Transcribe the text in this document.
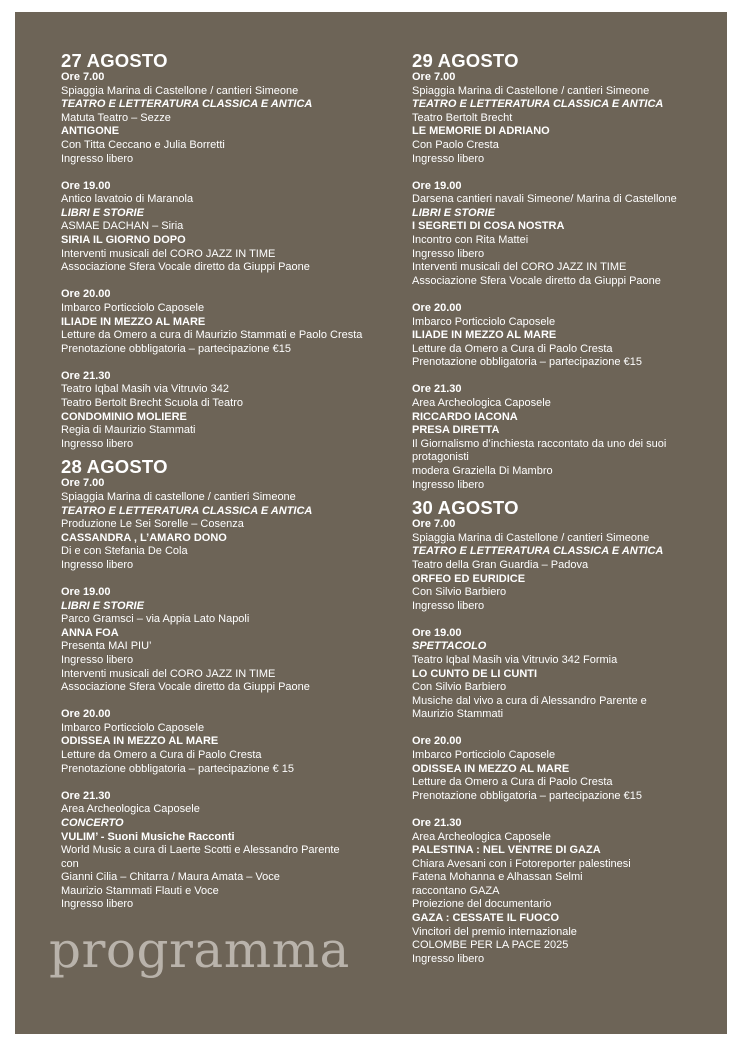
27 AGOSTO
Ore 7.00
Spiaggia Marina di Castellone / cantieri Simeone
TEATRO E LETTERATURA CLASSICA E ANTICA
Matuta Teatro – Sezze
ANTIGONE
Con Titta Ceccano e Julia Borretti
Ingresso libero
Ore 19.00
Antico lavatoio di Maranola
LIBRI E STORIE
ASMAE DACHAN – Siria
SIRIA IL GIORNO DOPO
Interventi musicali del CORO JAZZ IN TIME
Associazione Sfera Vocale diretto da Giuppi Paone
Ore 20.00
Imbarco Porticciolo Caposele
ILIADE IN MEZZO AL MARE
Letture da Omero a cura di Maurizio Stammati e Paolo Cresta
Prenotazione obbligatoria – partecipazione €15
Ore 21.30
Teatro Iqbal Masih via Vitruvio 342
Teatro Bertolt Brecht Scuola di Teatro
CONDOMINIO MOLIERE
Regia di Maurizio Stammati
Ingresso libero
28 AGOSTO
Ore 7.00
Spiaggia Marina di castellone / cantieri Simeone
TEATRO E LETTERATURA CLASSICA E ANTICA
Produzione Le Sei Sorelle – Cosenza
CASSANDRA , L’AMARO DONO
Di e con Stefania De Cola
Ingresso libero
Ore 19.00
LIBRI E STORIE
Parco Gramsci – via Appia Lato Napoli
ANNA FOA
Presenta MAI PIU’
Ingresso libero
Interventi musicali del CORO JAZZ IN TIME
Associazione Sfera Vocale diretto da Giuppi Paone
Ore 20.00
Imbarco Porticciolo Caposele
ODISSEA IN MEZZO AL MARE
Letture da Omero a Cura di Paolo Cresta
Prenotazione obbligatoria – partecipazione € 15
Ore 21.30
Area Archeologica Caposele
CONCERTO
VULIM’ - Suoni Musiche Racconti
World Music a cura di Laerte Scotti e Alessandro Parente
con
Gianni Cilia – Chitarra / Maura Amata – Voce
Maurizio Stammati Flauti e Voce
Ingresso libero
29 AGOSTO
Ore 7.00
Spiaggia Marina di Castellone / cantieri Simeone
TEATRO E LETTERATURA CLASSICA E ANTICA
Teatro Bertolt Brecht
LE MEMORIE DI ADRIANO
Con Paolo Cresta
Ingresso libero
Ore 19.00
Darsena cantieri navali Simeone/ Marina di Castellone
LIBRI E STORIE
I SEGRETI DI COSA NOSTRA
Incontro con Rita Mattei
Ingresso libero
Interventi musicali del CORO JAZZ IN TIME
Associazione Sfera Vocale diretto da Giuppi Paone
Ore 20.00
Imbarco Porticciolo Caposele
ILIADE IN MEZZO AL MARE
Letture da Omero a Cura di Paolo Cresta
Prenotazione obbligatoria – partecipazione €15
Ore 21.30
Area Archeologica Caposele
RICCARDO IACONA
PRESA DIRETTA
Il Giornalismo d’inchiesta raccontato da uno dei suoi
protagonisti
modera Graziella Di Mambro
Ingresso libero
30 AGOSTO
Ore 7.00
Spiaggia Marina di Castellone / cantieri Simeone
TEATRO E LETTERATURA CLASSICA E ANTICA
Teatro della Gran Guardia – Padova
ORFEO ED EURIDICE
Con Silvio Barbiero
Ingresso libero
Ore 19.00
SPETTACOLO
Teatro Iqbal Masih via Vitruvio 342 Formia
LO CUNTO DE LI CUNTI
Con Silvio Barbiero
Musiche dal vivo a cura di Alessandro Parente e
Maurizio Stammati
Ore 20.00
Imbarco Porticciolo Caposele
ODISSEA IN MEZZO AL MARE
Letture da Omero a Cura di Paolo Cresta
Prenotazione obbligatoria – partecipazione €15
Ore 21.30
Area Archeologica Caposele
PALESTINA : NEL VENTRE DI GAZA
Chiara Avesani con i Fotoreporter palestinesi
Fatena Mohanna e Alhassan Selmi
raccontano GAZA
Proiezione del documentario
GAZA : CESSATE IL FUOCO
Vincitori del premio internazionale
COLOMBE PER LA PACE 2025
Ingresso libero
programma
